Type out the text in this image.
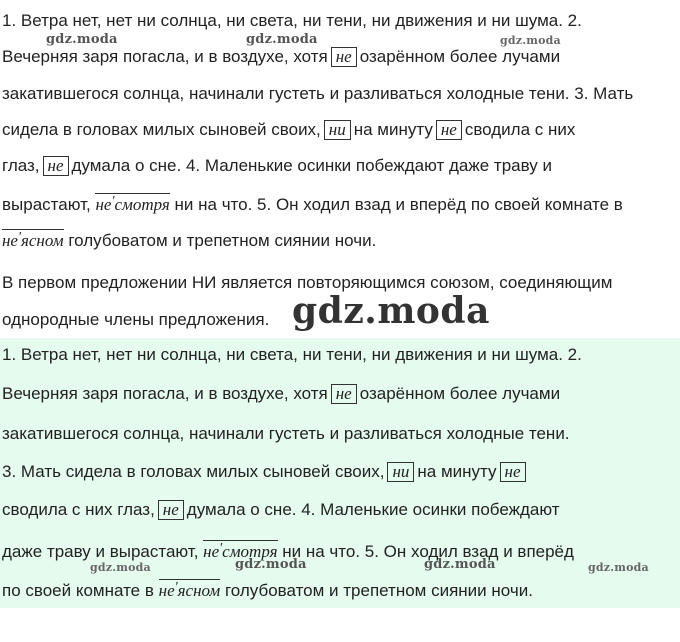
1. Ветра нет, нет ни солнца, ни света, ни тени, ни движения и ни шума. 2.
Вечерняя заря погасла, и в воздухе, хотя не озарённом более лучами
закатившегося солнца, начинали густеть и разливаться холодные тени. 3. Мать
сидела в головах милых сыновей своих, ни на минуту не сводила с них
глаз, не думала о сне. 4. Маленькие осинки побеждают даже траву и
вырастают, не'смотря ни на что. 5. Он ходил взад и вперёд по своей комнате в
не'ясном голубоватом и трепетном сиянии ночи.
gdz.moda	gdz.moda	gdz.moda
В первом предложении НИ является повторяющимся союзом, соединяющим
однородные члены предложения. gdz.moda
1. Ветра нет, нет ни солнца, ни света, ни тени, ни движения и ни шума. 2.
Вечерняя заря погасла, и в воздухе, хотя не озарённом более лучами
закатившегося солнца, начинали густеть и разливаться холодные тени.
3. Мать сидела в головах милых сыновей своих, ни на минуту не
сводила с них глаз, не думала о сне. 4. Маленькие осинки побеждают
даже траву и вырастают, не'смотря ни на что. 5. Он ходил взад и вперёд
по своей комнате в не'ясном голубоватом и трепетном сиянии ночи.
gdz.moda	gdz.moda	gdz.moda	gdz.moda
